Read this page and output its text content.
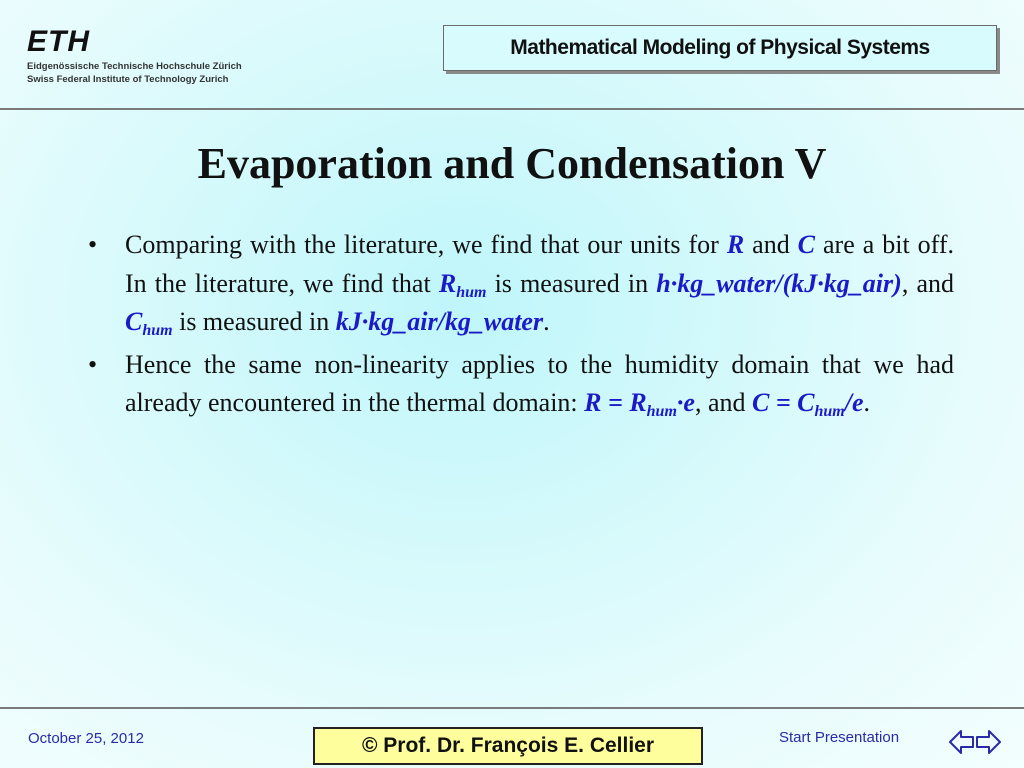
ETH
Eidgenössische Technische Hochschule Zürich
Swiss Federal Institute of Technology Zurich
Mathematical Modeling of Physical Systems
Evaporation and Condensation V
• Comparing with the literature, we find that our units for R and C are a bit off. In the literature, we find that $R_{hum}$ is measured in h·kg_water/(kJ·kg_air), and $C_{hum}$ is measured in kJ·kg_air/kg_water.
• Hence the same non-linearity applies to the humidity domain that we had already encountered in the thermal domain: $R = R_{hum}\cdot e$, and $C = C_{hum}/e$.
October 25, 2012	© Prof. Dr. François E. Cellier	Start Presentation
